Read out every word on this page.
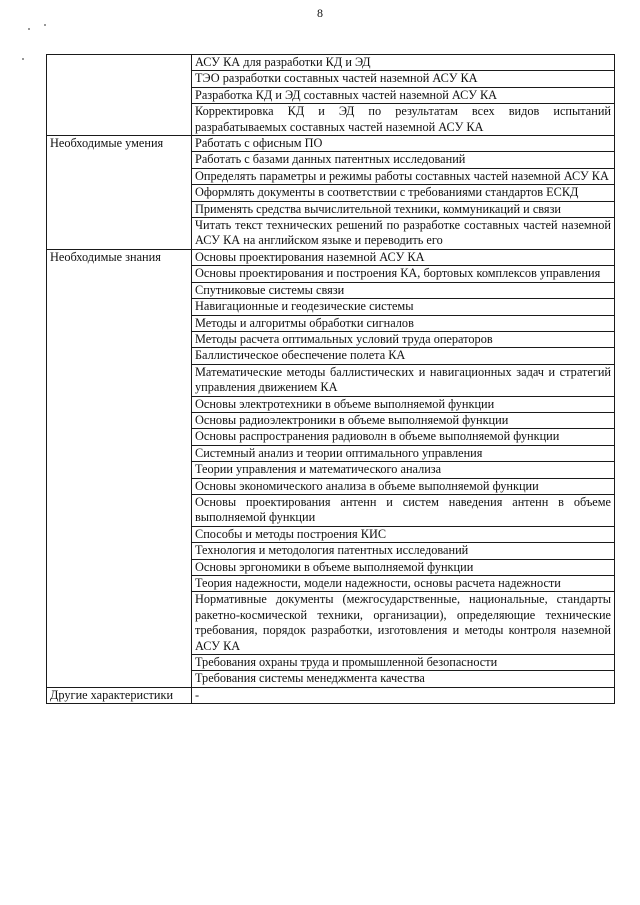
8
	АСУ КА для разработки КД и ЭД
	ТЭО разработки составных частей наземной АСУ КА
	Разработка КД и ЭД составных частей наземной АСУ КА
	Корректировка КД и ЭД по результатам всех видов испытаний разрабатываемых составных частей наземной АСУ КА
Необходимые умения	Работать с офисным ПО
	Работать с базами данных патентных исследований
	Определять параметры и режимы работы составных частей наземной АСУ КА
	Оформлять документы в соответствии с требованиями стандартов ЕСКД
	Применять средства вычислительной техники, коммуникаций и связи
	Читать текст технических решений по разработке составных частей наземной АСУ КА на английском языке и переводить его
Необходимые знания	Основы проектирования наземной АСУ КА
	Основы проектирования и построения КА, бортовых комплексов управления
	Спутниковые системы связи
	Навигационные и геодезические системы
	Методы и алгоритмы обработки сигналов
	Методы расчета оптимальных условий труда операторов
	Баллистическое обеспечение полета КА
	Математические методы баллистических и навигационных задач и стратегий управления движением КА
	Основы электротехники в объеме выполняемой функции
	Основы радиоэлектроники в объеме выполняемой функции
	Основы распространения радиоволн в объеме выполняемой функции
	Системный анализ и теории оптимального управления
	Теории управления и математического анализа
	Основы экономического анализа в объеме выполняемой функции
	Основы проектирования антенн и систем наведения антенн в объеме выполняемой функции
	Способы и методы построения КИС
	Технология и методология патентных исследований
	Основы эргономики в объеме выполняемой функции
	Теория надежности, модели надежности, основы расчета надежности
	Нормативные документы (межгосударственные, национальные, стандарты ракетно-космической техники, организации), определяющие технические требования, порядок разработки, изготовления и методы контроля наземной АСУ КА
	Требования охраны труда и промышленной безопасности
	Требования системы менеджмента качества
Другие характеристики	-
